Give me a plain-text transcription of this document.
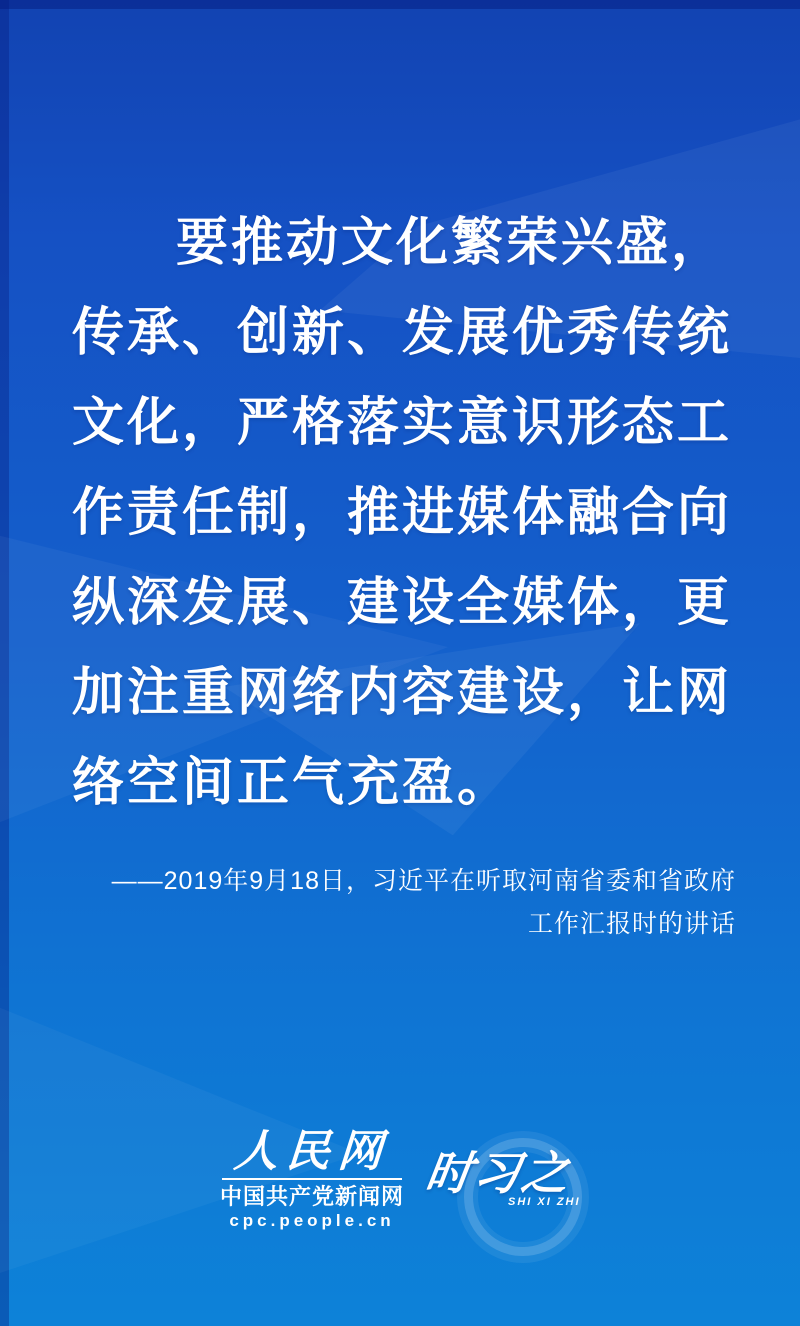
要推动文化繁荣兴盛，
传承、创新、发展优秀传统
文化，严格落实意识形态工
作责任制，推进媒体融合向
纵深发展、建设全媒体，更
加注重网络内容建设，让网
络空间正气充盈。
——2019年9月18日，习近平在听取河南省委和省政府
工作汇报时的讲话
人民网
中国共产党新闻网
cpc.people.cn
时习之
SHI XI ZHI
